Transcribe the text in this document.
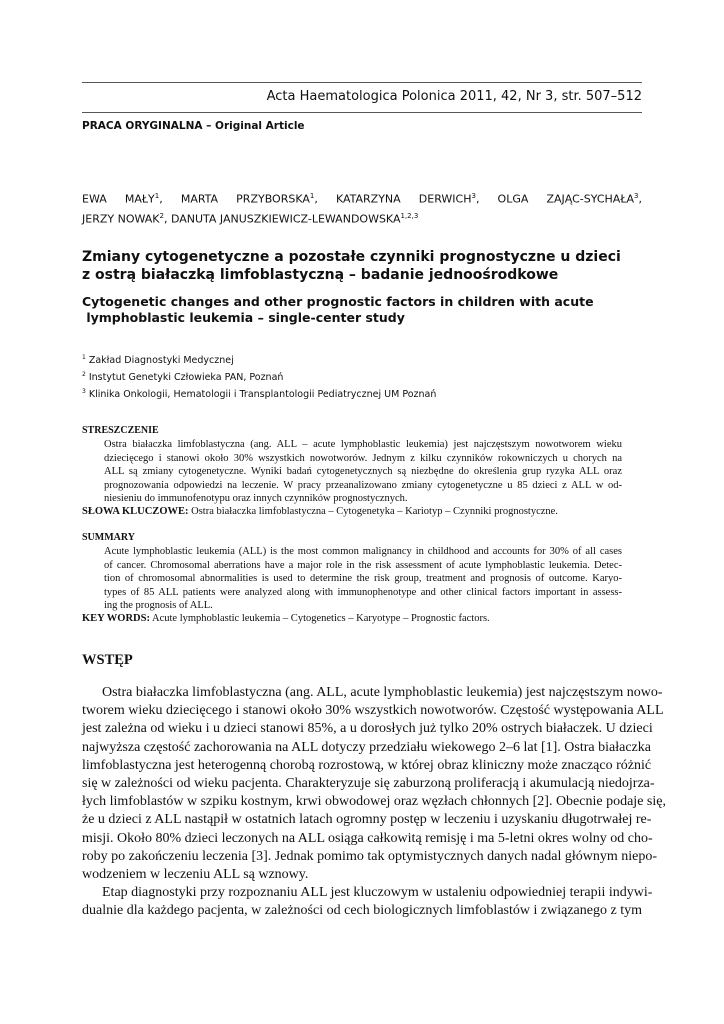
Acta Haematologica Polonica 2011, 42, Nr 3, str. 507–512
PRACA ORYGINALNA – Original Article
EWA MAŁY$^1$, MARTA PRZYBORSKA$^1$, KATARZYNA DERWICH$^3$, OLGA ZAJĄC-SYCHAŁA$^3$,
JERZY NOWAK$^2$, DANUTA JANUSZKIEWICZ-LEWANDOWSKA$^{1,2,3}$
Zmiany cytogenetyczne a pozostałe czynniki prognostyczne u dzieci
z ostrą białaczką limfoblastyczną – badanie jednoośrodkowe
Cytogenetic changes and other prognostic factors in children with acute
lymphoblastic leukemia – single-center study
$^1$ Zakład Diagnostyki Medycznej
$^2$ Instytut Genetyki Człowieka PAN, Poznań
$^3$ Klinika Onkologii, Hematologii i Transplantologii Pediatrycznej UM Poznań
STRESZCZENIE
Ostra białaczka limfoblastyczna (ang. ALL – acute lymphoblastic leukemia) jest najczęstszym nowotworem wieku
dziecięcego i stanowi około 30% wszystkich nowotworów. Jednym z kilku czynników rokowniczych u chorych na
ALL są zmiany cytogenetyczne. Wyniki badań cytogenetycznych są niezbędne do określenia grup ryzyka ALL oraz
prognozowania odpowiedzi na leczenie. W pracy przeanalizowano zmiany cytogenetyczne u 85 dzieci z ALL w od-
niesieniu do immunofenotypu oraz innych czynników prognostycznych.
SŁOWA KLUCZOWE: Ostra białaczka limfoblastyczna – Cytogenetyka – Kariotyp – Czynniki prognostyczne.
SUMMARY
Acute lymphoblastic leukemia (ALL) is the most common malignancy in childhood and accounts for 30% of all cases
of cancer. Chromosomal aberrations have a major role in the risk assessment of acute lymphoblastic leukemia. Detec-
tion of chromosomal abnormalities is used to determine the risk group, treatment and prognosis of outcome. Karyo-
types of 85 ALL patients were analyzed along with immunophenotype and other clinical factors important in assess-
ing the prognosis of ALL.
KEY WORDS: Acute lymphoblastic leukemia – Cytogenetics – Karyotype – Prognostic factors.
WSTĘP
Ostra białaczka limfoblastyczna (ang. ALL, acute lymphoblastic leukemia) jest najczęstszym nowo-
tworem wieku dziecięcego i stanowi około 30% wszystkich nowotworów. Częstość występowania ALL
jest zależna od wieku i u dzieci stanowi 85%, a u dorosłych już tylko 20% ostrych białaczek. U dzieci
najwyższa częstość zachorowania na ALL dotyczy przedziału wiekowego 2–6 lat [1]. Ostra białaczka
limfoblastyczna jest heterogenną chorobą rozrostową, w której obraz kliniczny może znacząco różnić
się w zależności od wieku pacjenta. Charakteryzuje się zaburzoną proliferacją i akumulacją niedojrza-
łych limfoblastów w szpiku kostnym, krwi obwodowej oraz węzłach chłonnych [2]. Obecnie podaje się,
że u dzieci z ALL nastąpił w ostatnich latach ogromny postęp w leczeniu i uzyskaniu długotrwałej re-
misji. Około 80% dzieci leczonych na ALL osiąga całkowitą remisję i ma 5-letni okres wolny od cho-
roby po zakończeniu leczenia [3]. Jednak pomimo tak optymistycznych danych nadal głównym niepo-
wodzeniem w leczeniu ALL są wznowy.
Etap diagnostyki przy rozpoznaniu ALL jest kluczowym w ustaleniu odpowiedniej terapii indywi-
dualnie dla każdego pacjenta, w zależności od cech biologicznych limfoblastów i związanego z tym
